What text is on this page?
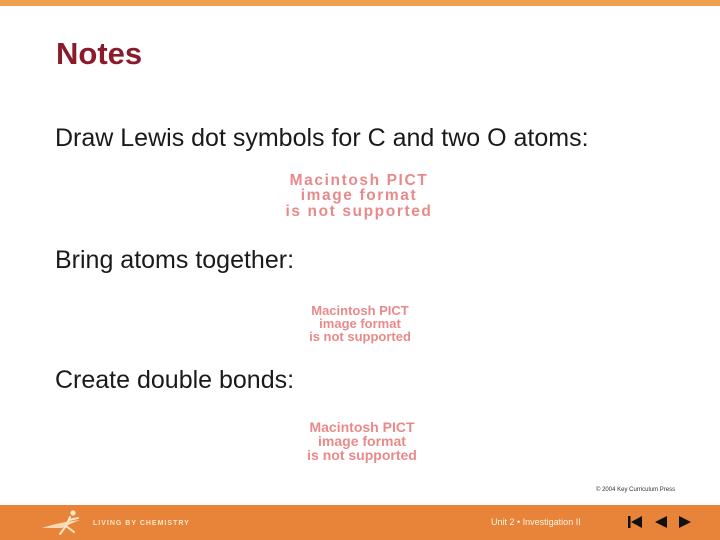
Notes
Draw Lewis dot symbols for C and two O atoms:
Macintosh PICT
image format
is not supported
Bring atoms together:
Macintosh PICT
image format
is not supported
Create double bonds:
Macintosh PICT
image format
is not supported
© 2004 Key Curriculum Press
LIVING BY CHEMISTRY	Unit 2 • Investigation II
